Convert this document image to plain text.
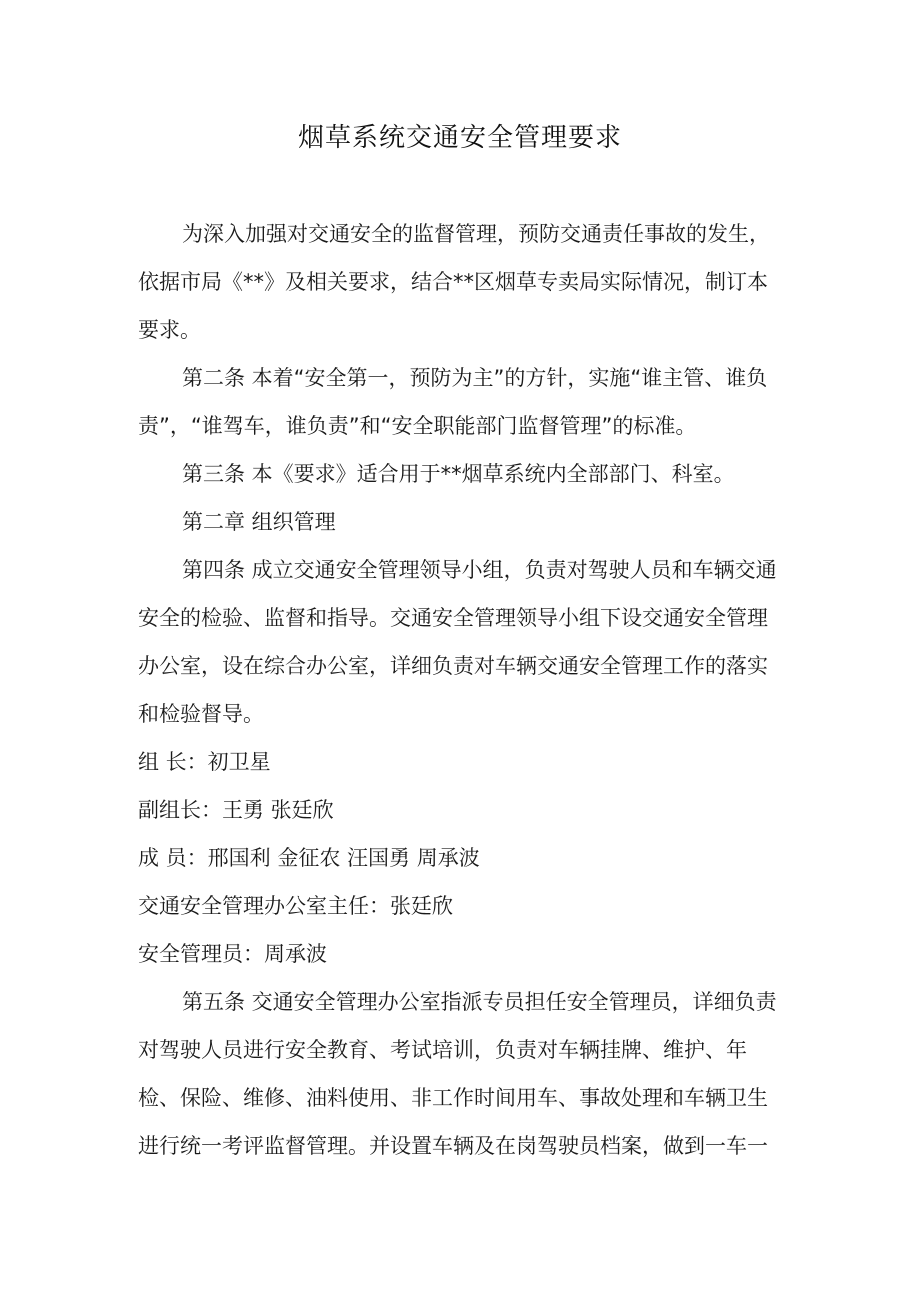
烟草系统交通安全管理要求

为深入加强对交通安全的监督管理，预防交通责任事故的发生，依据市局《**》及相关要求，结合**区烟草专卖局实际情况，制订本要求。

第二条 本着“安全第一，预防为主”的方针，实施“谁主管、谁负责”，“谁驾车，谁负责”和“安全职能部门监督管理”的标准。

第三条 本《要求》适合用于**烟草系统内全部部门、科室。

第二章 组织管理

第四条 成立交通安全管理领导小组，负责对驾驶人员和车辆交通安全的检验、监督和指导。交通安全管理领导小组下设交通安全管理办公室，设在综合办公室，详细负责对车辆交通安全管理工作的落实和检验督导。

组 长：初卫星

副组长：王勇 张廷欣

成 员：邢国利 金征农 汪国勇 周承波

交通安全管理办公室主任：张廷欣

安全管理员：周承波

第五条 交通安全管理办公室指派专员担任安全管理员，详细负责对驾驶人员进行安全教育、考试培训，负责对车辆挂牌、维护、年检、保险、维修、油料使用、非工作时间用车、事故处理和车辆卫生进行统一考评监督管理。并设置车辆及在岗驾驶员档案，做到一车一
